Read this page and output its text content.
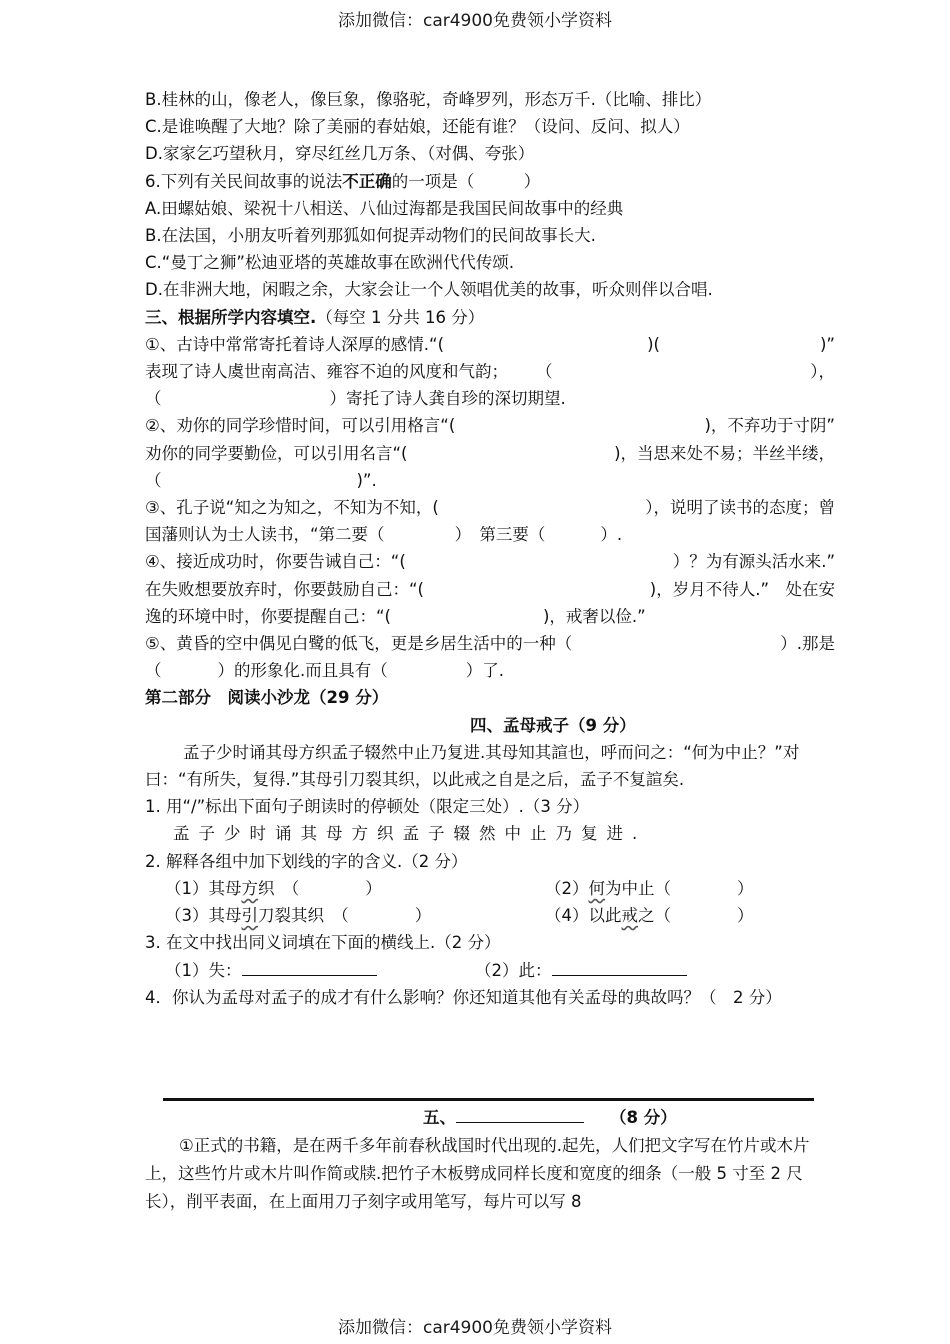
添加微信：car4900免费领小学资料
B.桂林的山，像老人，像巨象，像骆驼，奇峰罗列，形态万千.（比喻、排比）
C.是谁唤醒了大地？除了美丽的春姑娘，还能有谁？（设问、反问、拟人）
D.家家乞巧望秋月，穿尽红丝几万条、（对偶、夸张）
6.下列有关民间故事的说法不正确的一项是（　　　）
A.田螺姑娘、梁祝十八相送、八仙过海都是我国民间故事中的经典
B.在法国，小朋友听着列那狐如何捉弄动物们的民间故事长大.
C.“曼丁之狮”松迪亚塔的英雄故事在欧洲代代传颂.
D.在非洲大地，闲暇之余，大家会让一个人领唱优美的故事，听众则伴以合唱.
三、根据所学内容填空.（每空 1 分共 16 分）
①、古诗中常常寄托着诗人深厚的感情.“(	)(	)”
表现了诗人虞世南高洁、雍容不迫的风度和气韵； （	），
（	）寄托了诗人龚自珍的深切期望.
②、劝你的同学珍惜时间，可以引用格言“(	)，不弃功于寸阴”
劝你的同学要勤俭，可以引用名言“(	)，当思来处不易；半丝半缕，
（	)”.
③、孔子说“知之为知之，不知为不知，(	），说明了读书的态度；曾
国藩则认为士人读书，“第二要（	）　第三要（	）.
④、接近成功时，你要告诫自己：“(	）？为有源头活水来.”
在失败想要放弃时，你要鼓励自己：“(	)，岁月不待人.”　处在安
逸的环境中时，你要提醒自己：“(	)，戒奢以俭.”
⑤、黄昏的空中偶见白鹭的低飞，更是乡居生活中的一种（	）.那是
（	）的形象化.而且具有（	）了.
第二部分　阅读小沙龙（29 分）
四、孟母戒子（9 分）
孟子少时诵其母方织孟子辍然中止乃复进.其母知其諠也，呼而问之：“何为中止？”对曰：“有所失，复得.”其母引刀裂其织，以此戒之自是之后，孟子不复諠矣.
1. 用“/”标出下面句子朗读时的停顿处（限定三处）.（3 分）
孟子少时诵其母方织孟子辍然中止乃复进.
2. 解释各组中加下划线的字的含义.（2 分）
（1）其母方织　 （　　　　）	（2）何为中止（　　　　）
（3）其母引刀裂其织　 （　　　　）	（4）以此戒之（　　　　）
3. 在文中找出同义词填在下面的横线上.（2 分）
（1）失：	（2）此：
4．你认为孟母对孟子的成才有什么影响？你还知道其他有关孟母的典故吗？（　2 分）
五、	（8 分）
①正式的书籍，是在两千多年前春秋战国时代出现的.起先，人们把文字写在竹片或木片上，这些竹片或木片叫作简或牍.把竹子木板劈成同样长度和宽度的细条（一般 5 寸至 2 尺长），削平表面，在上面用刀子刻字或用笔写，每片可以写 8
添加微信：car4900免费领小学资料
